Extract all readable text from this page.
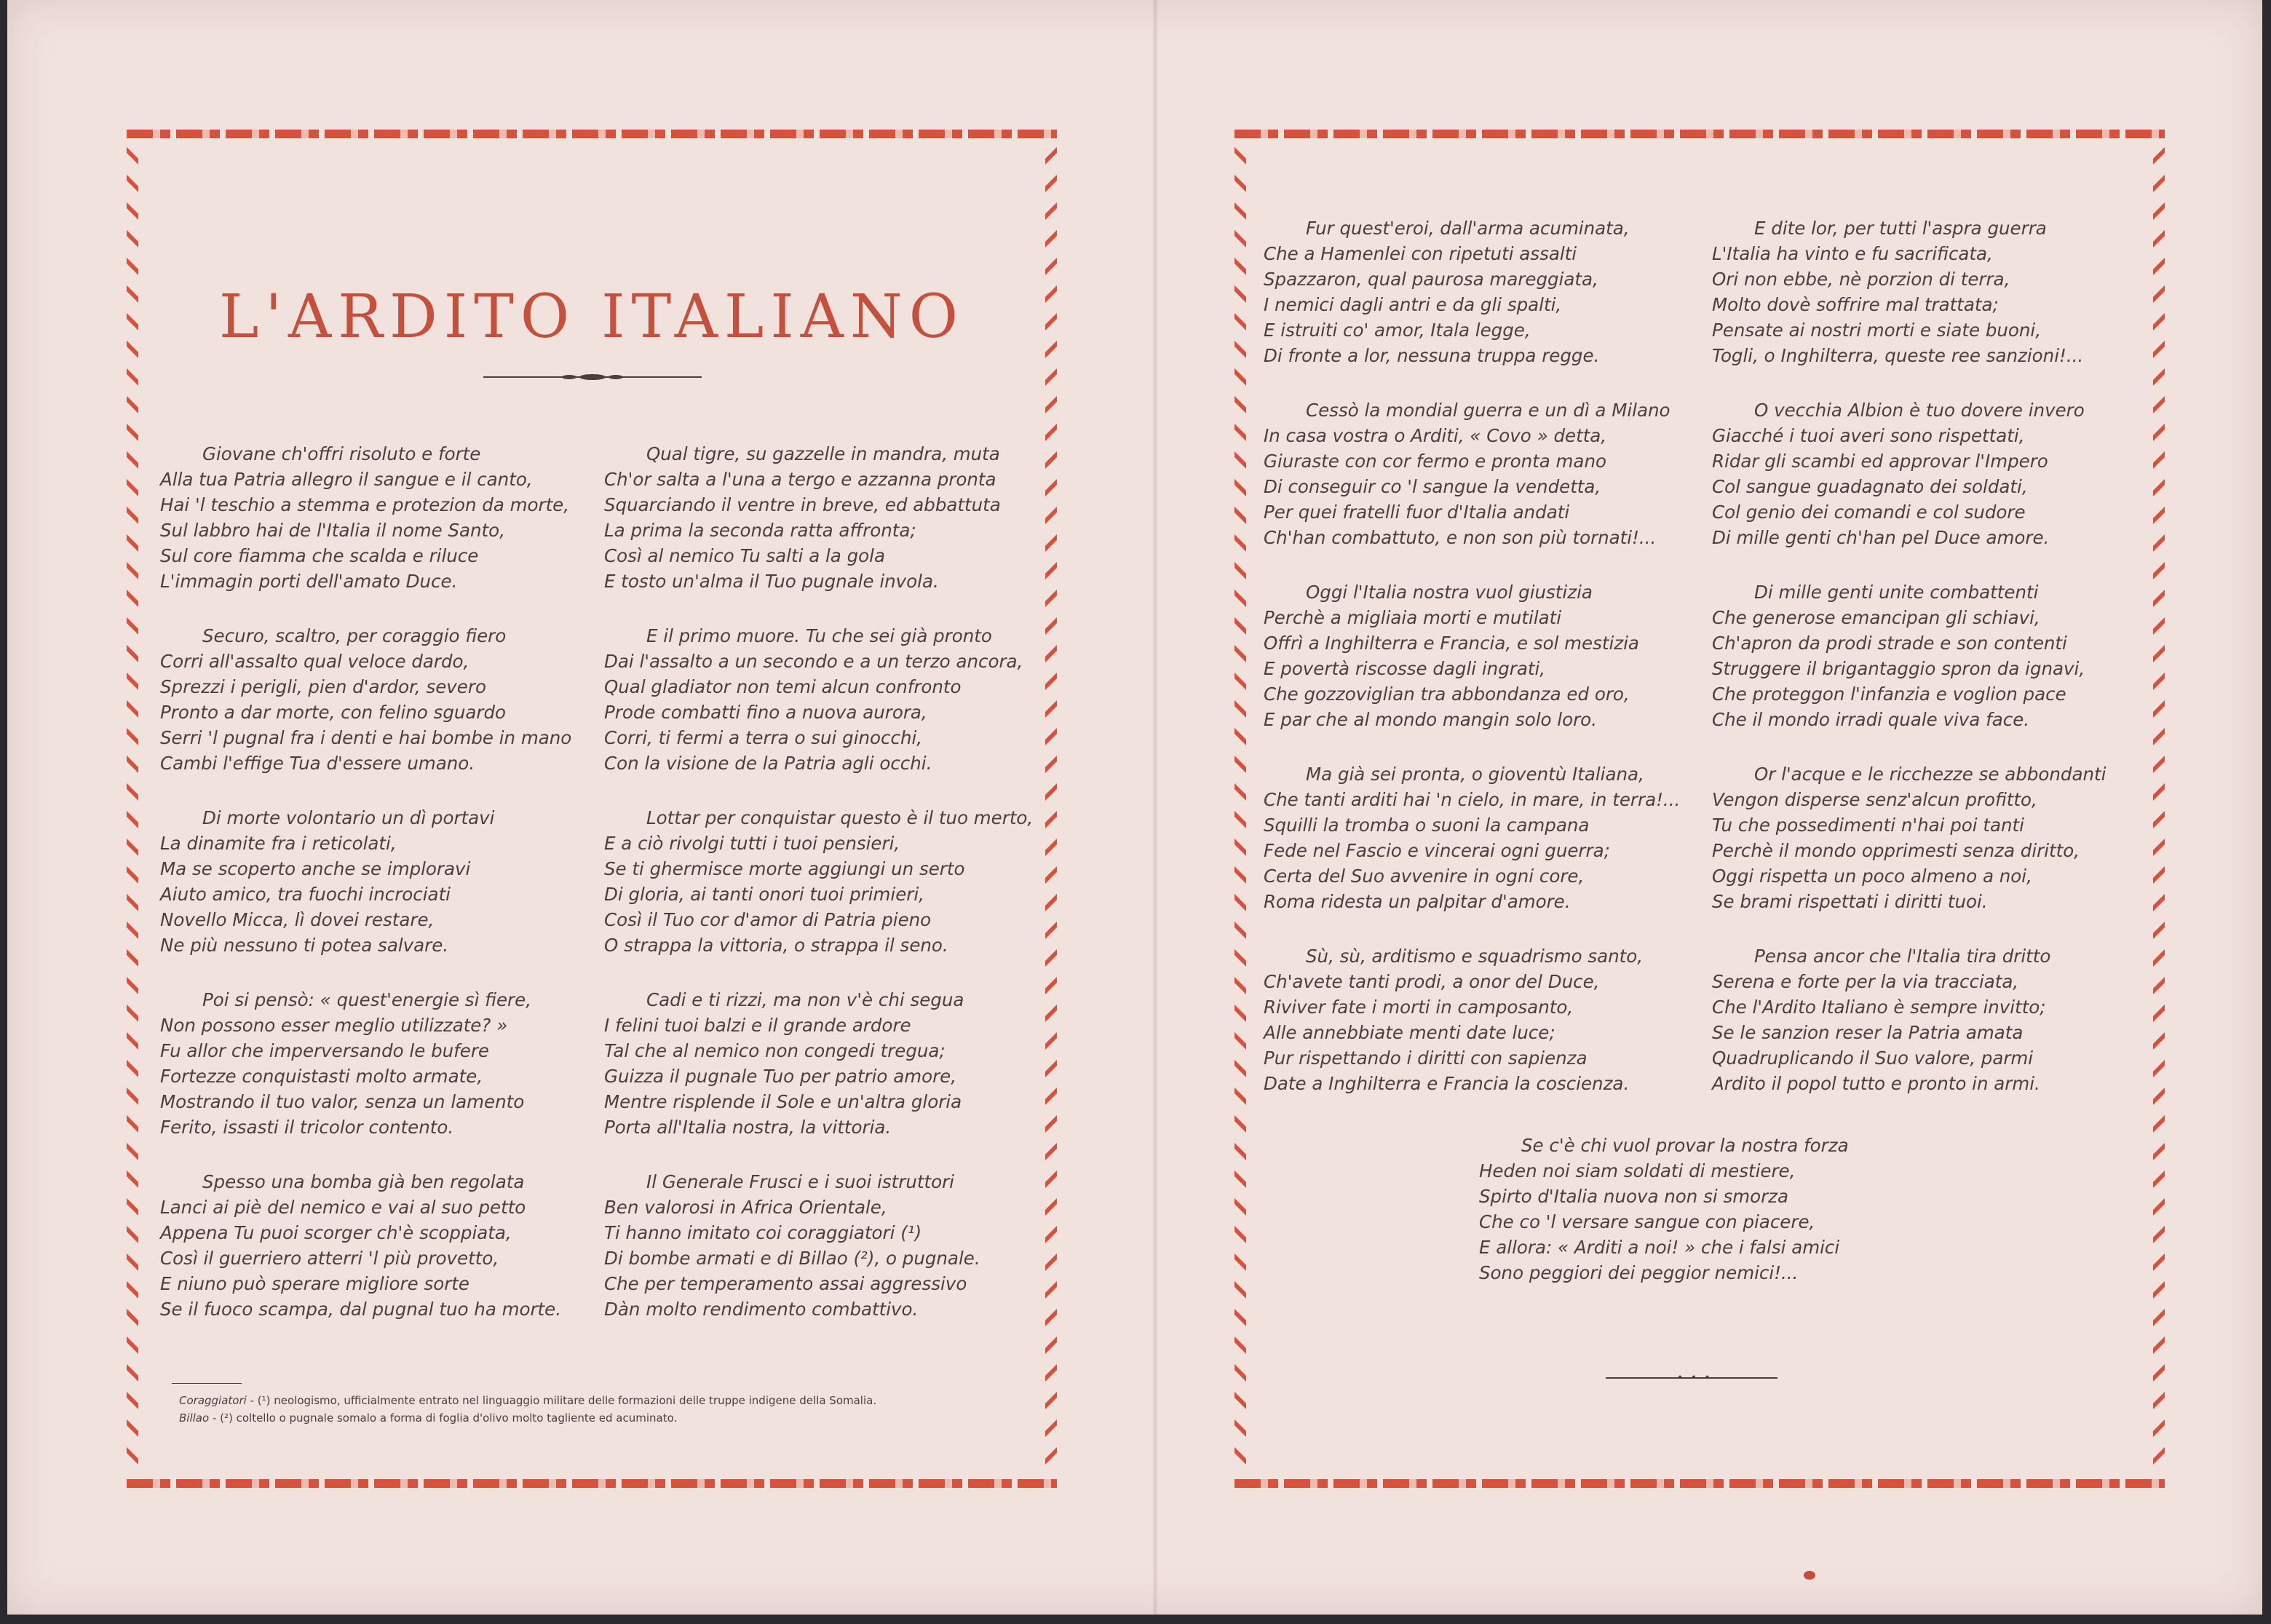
L'ARDITO ITALIANO
Giovane ch'offri risoluto e forte
Alla tua Patria allegro il sangue e il canto,
Hai 'l teschio a stemma e protezion da morte,
Sul labbro hai de l'Italia il nome Santo,
Sul core fiamma che scalda e riluce
L'immagin porti dell'amato Duce.
Securo, scaltro, per coraggio fiero
Corri all'assalto qual veloce dardo,
Sprezzi i perigli, pien d'ardor, severo
Pronto a dar morte, con felino sguardo
Serri 'l pugnal fra i denti e hai bombe in mano
Cambi l'effige Tua d'essere umano.
Di morte volontario un dì portavi
La dinamite fra i reticolati,
Ma se scoperto anche se imploravi
Aiuto amico, tra fuochi incrociati
Novello Micca, lì dovei restare,
Ne più nessuno ti potea salvare.
Poi si pensò: « quest'energie sì fiere,
Non possono esser meglio utilizzate? »
Fu allor che imperversando le bufere
Fortezze conquistasti molto armate,
Mostrando il tuo valor, senza un lamento
Ferito, issasti il tricolor contento.
Spesso una bomba già ben regolata
Lanci ai piè del nemico e vai al suo petto
Appena Tu puoi scorger ch'è scoppiata,
Così il guerriero atterri 'l più provetto,
E niuno può sperare migliore sorte
Se il fuoco scampa, dal pugnal tuo ha morte.
Qual tigre, su gazzelle in mandra, muta
Ch'or salta a l'una a tergo e azzanna pronta
Squarciando il ventre in breve, ed abbattuta
La prima la seconda ratta affronta;
Così al nemico Tu salti a la gola
E tosto un'alma il Tuo pugnale invola.
E il primo muore. Tu che sei già pronto
Dai l'assalto a un secondo e a un terzo ancora,
Qual gladiator non temi alcun confronto
Prode combatti fino a nuova aurora,
Corri, ti fermi a terra o sui ginocchi,
Con la visione de la Patria agli occhi.
Lottar per conquistar questo è il tuo merto,
E a ciò rivolgi tutti i tuoi pensieri,
Se ti ghermisce morte aggiungi un serto
Di gloria, ai tanti onori tuoi primieri,
Così il Tuo cor d'amor di Patria pieno
O strappa la vittoria, o strappa il seno.
Cadi e ti rizzi, ma non v'è chi segua
I felini tuoi balzi e il grande ardore
Tal che al nemico non congedi tregua;
Guizza il pugnale Tuo per patrio amore,
Mentre risplende il Sole e un'altra gloria
Porta all'Italia nostra, la vittoria.
Il Generale Frusci e i suoi istruttori
Ben valorosi in Africa Orientale,
Ti hanno imitato coi coraggiatori (¹)
Di bombe armati e di Billao (²), o pugnale.
Che per temperamento assai aggressivo
Dàn molto rendimento combattivo.
Coraggiatori - (¹) neologismo, ufficialmente entrato nel linguaggio militare delle formazioni delle truppe indigene della Somalia.
Billao - (²) coltello o pugnale somalo a forma di foglia d'olivo molto tagliente ed acuminato.
Fur quest'eroi, dall'arma acuminata,
Che a Hamenlei con ripetuti assalti
Spazzaron, qual paurosa mareggiata,
I nemici dagli antri e da gli spalti,
E istruiti co' amor, Itala legge,
Di fronte a lor, nessuna truppa regge.
Cessò la mondial guerra e un dì a Milano
In casa vostra o Arditi, « Covo » detta,
Giuraste con cor fermo e pronta mano
Di conseguir co 'l sangue la vendetta,
Per quei fratelli fuor d'Italia andati
Ch'han combattuto, e non son più tornati!...
Oggi l'Italia nostra vuol giustizia
Perchè a migliaia morti e mutilati
Offrì a Inghilterra e Francia, e sol mestizia
E povertà riscosse dagli ingrati,
Che gozzoviglian tra abbondanza ed oro,
E par che al mondo mangin solo loro.
Ma già sei pronta, o gioventù Italiana,
Che tanti arditi hai 'n cielo, in mare, in terra!...
Squilli la tromba o suoni la campana
Fede nel Fascio e vincerai ogni guerra;
Certa del Suo avvenire in ogni core,
Roma ridesta un palpitar d'amore.
Sù, sù, arditismo e squadrismo santo,
Ch'avete tanti prodi, a onor del Duce,
Riviver fate i morti in camposanto,
Alle annebbiate menti date luce;
Pur rispettando i diritti con sapienza
Date a Inghilterra e Francia la coscienza.
E dite lor, per tutti l'aspra guerra
L'Italia ha vinto e fu sacrificata,
Ori non ebbe, nè porzion di terra,
Molto dovè soffrire mal trattata;
Pensate ai nostri morti e siate buoni,
Togli, o Inghilterra, queste ree sanzioni!...
O vecchia Albion è tuo dovere invero
Giacché i tuoi averi sono rispettati,
Ridar gli scambi ed approvar l'Impero
Col sangue guadagnato dei soldati,
Col genio dei comandi e col sudore
Di mille genti ch'han pel Duce amore.
Di mille genti unite combattenti
Che generose emancipan gli schiavi,
Ch'apron da prodi strade e son contenti
Struggere il brigantaggio spron da ignavi,
Che proteggon l'infanzia e voglion pace
Che il mondo irradi quale viva face.
Or l'acque e le ricchezze se abbondanti
Vengon disperse senz'alcun profitto,
Tu che possedimenti n'hai poi tanti
Perchè il mondo opprimesti senza diritto,
Oggi rispetta un poco almeno a noi,
Se brami rispettati i diritti tuoi.
Pensa ancor che l'Italia tira dritto
Serena e forte per la via tracciata,
Che l'Ardito Italiano è sempre invitto;
Se le sanzion reser la Patria amata
Quadruplicando il Suo valore, parmi
Ardito il popol tutto e pronto in armi.
Se c'è chi vuol provar la nostra forza
Heden noi siam soldati di mestiere,
Spirto d'Italia nuova non si smorza
Che co 'l versare sangue con piacere,
E allora: « Arditi a noi! » che i falsi amici
Sono peggiori dei peggior nemici!...
• • •
